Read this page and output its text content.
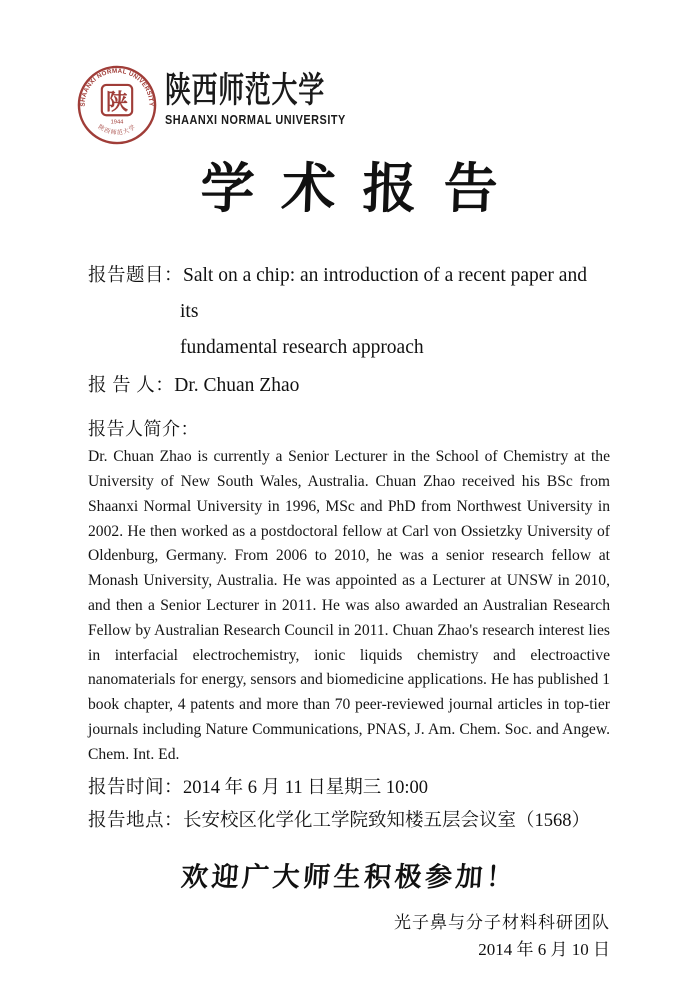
SHAANXI NORMAL UNIVERSITY
陕
1944
陕西师范大学
陕西师范大学
SHAANXI NORMAL UNIVERSITY
学术报告
报告题目：Salt on a chip: an introduction of a recent paper and its
fundamental research approach
报 告 人：Dr. Chuan Zhao
报告人简介：

Dr. Chuan Zhao is currently a Senior Lecturer in the School of Chemistry at the University of New South Wales, Australia. Chuan Zhao received his BSc from Shaanxi Normal University in 1996, MSc and PhD from Northwest University in 2002. He then worked as a postdoctoral fellow at Carl von Ossietzky University of Oldenburg, Germany. From 2006 to 2010, he was a senior research fellow at Monash University, Australia. He was appointed as a Lecturer at UNSW in 2010, and then a Senior Lecturer in 2011. He was also awarded an Australian Research Fellow by Australian Research Council in 2011. Chuan Zhao's research interest lies in interfacial electrochemistry, ionic liquids chemistry and electroactive nanomaterials for energy, sensors and biomedicine applications. He has published 1 book chapter, 4 patents and more than 70 peer-reviewed journal articles in top-tier journals including Nature Communications, PNAS, J. Am. Chem. Soc. and Angew. Chem. Int. Ed.

报告时间：2014 年 6 月 11 日星期三 10:00
报告地点：长安校区化学化工学院致知楼五层会议室（1568）
欢迎广大师生积极参加！
光子鼻与分子材料科研团队
2014 年 6 月 10 日
